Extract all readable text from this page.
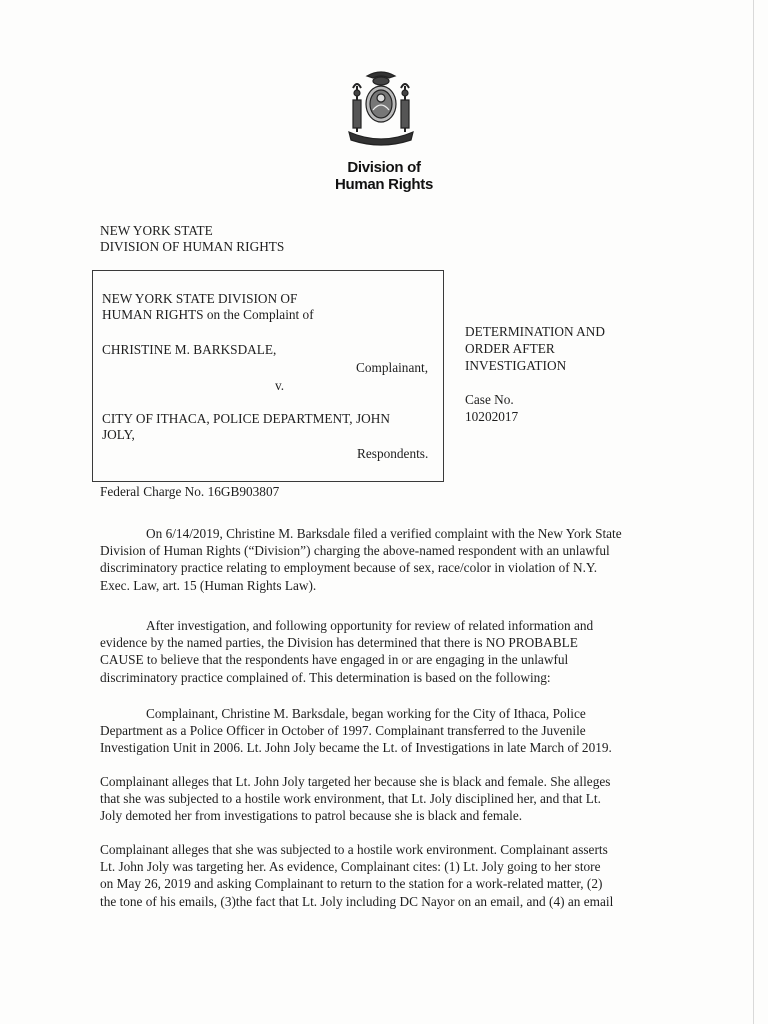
Division of
Human Rights
NEW YORK STATE
DIVISION OF HUMAN RIGHTS
NEW YORK STATE DIVISION OF
HUMAN RIGHTS on the Complaint of
CHRISTINE M. BARKSDALE,
Complainant,
v.
CITY OF ITHACA, POLICE DEPARTMENT, JOHN
JOLY,
Respondents.
DETERMINATION AND
ORDER AFTER
INVESTIGATION
Case No.
10202017
Federal Charge No. 16GB903807
On 6/14/2019, Christine M. Barksdale filed a verified complaint with the New York State
Division of Human Rights (“Division”) charging the above-named respondent with an unlawful
discriminatory practice relating to employment because of sex, race/color in violation of N.Y.
Exec. Law, art. 15 (Human Rights Law).
After investigation, and following opportunity for review of related information and
evidence by the named parties, the Division has determined that there is NO PROBABLE
CAUSE to believe that the respondents have engaged in or are engaging in the unlawful
discriminatory practice complained of. This determination is based on the following:
Complainant, Christine M. Barksdale, began working for the City of Ithaca, Police
Department as a Police Officer in October of 1997. Complainant transferred to the Juvenile
Investigation Unit in 2006. Lt. John Joly became the Lt. of Investigations in late March of 2019.
Complainant alleges that Lt. John Joly targeted her because she is black and female. She alleges
that she was subjected to a hostile work environment, that Lt. Joly disciplined her, and that Lt.
Joly demoted her from investigations to patrol because she is black and female.
Complainant alleges that she was subjected to a hostile work environment. Complainant asserts
Lt. John Joly was targeting her. As evidence, Complainant cites: (1) Lt. Joly going to her store
on May 26, 2019 and asking Complainant to return to the station for a work-related matter, (2)
the tone of his emails, (3)the fact that Lt. Joly including DC Nayor on an email, and (4) an email
